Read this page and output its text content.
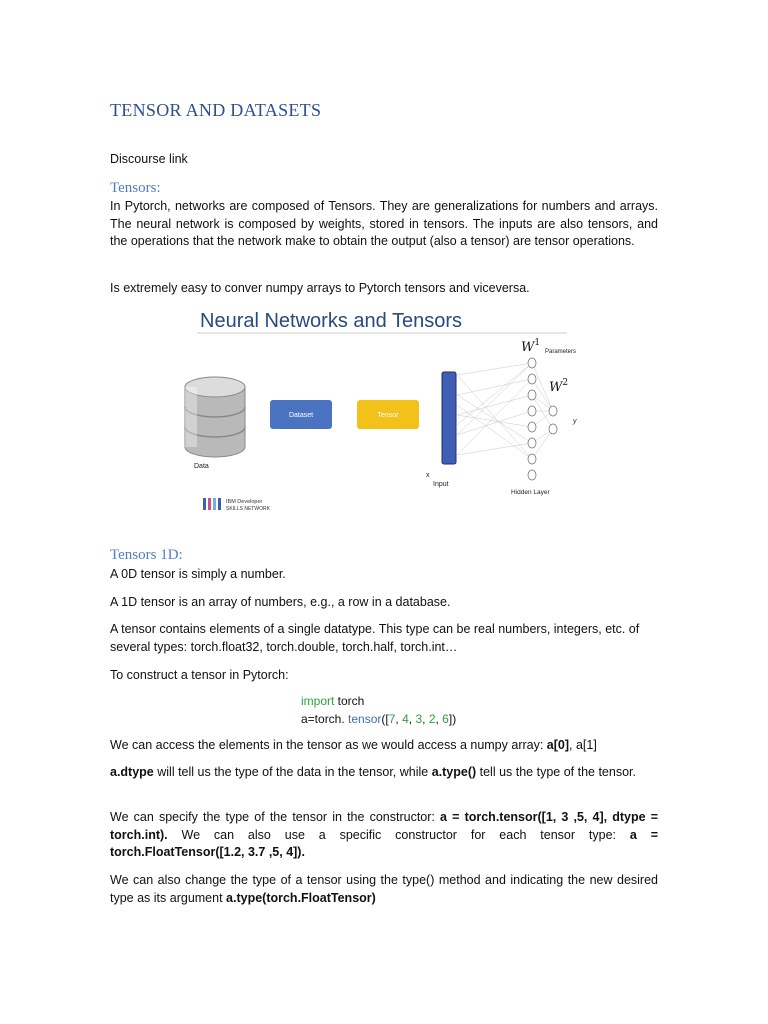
TENSOR AND DATASETS
Discourse link
Tensors:

In Pytorch, networks are composed of Tensors. They are generalizations for numbers and arrays. The neural network is composed by weights, stored in tensors. The inputs are also tensors, and the operations that the network make to obtain the output (also a tensor) are tensor operations.

Is extremely easy to conver numpy arrays to Pytorch tensors and viceversa.

Tensors 1D:

A 0D tensor is simply a number.

A 1D tensor is an array of numbers, e.g., a row in a database.

A tensor contains elements of a single datatype. This type can be real numbers, integers, etc. of several types: torch.float32, torch.double, torch.half, torch.int…

To construct a tensor in Pytorch:

We can access the elements in the tensor as we would access a numpy array: a[0], a[1]

a.dtype will tell us the type of the data in the tensor, while a.type() tell us the type of the tensor.

We can specify the type of the tensor in the constructor: a = torch.tensor([1, 3 ,5, 4], dtype = torch.int). We can also use a specific constructor for each tensor type: a = torch.FloatTensor([1.2, 3.7 ,5, 4]).

We can also change the type of a tensor using the type() method and indicating the new desired type as its argument a.type(torch.FloatTensor)

import torch
a=torch. tensor([7, 4, 3, 2, 6])
Neural Networks and Tensors
Data
Dataset	Tensor
x
Input
$W^1$
Parameters
$W^2$
y
Hidden Layer
IBM Developer
SKILLS NETWORK
